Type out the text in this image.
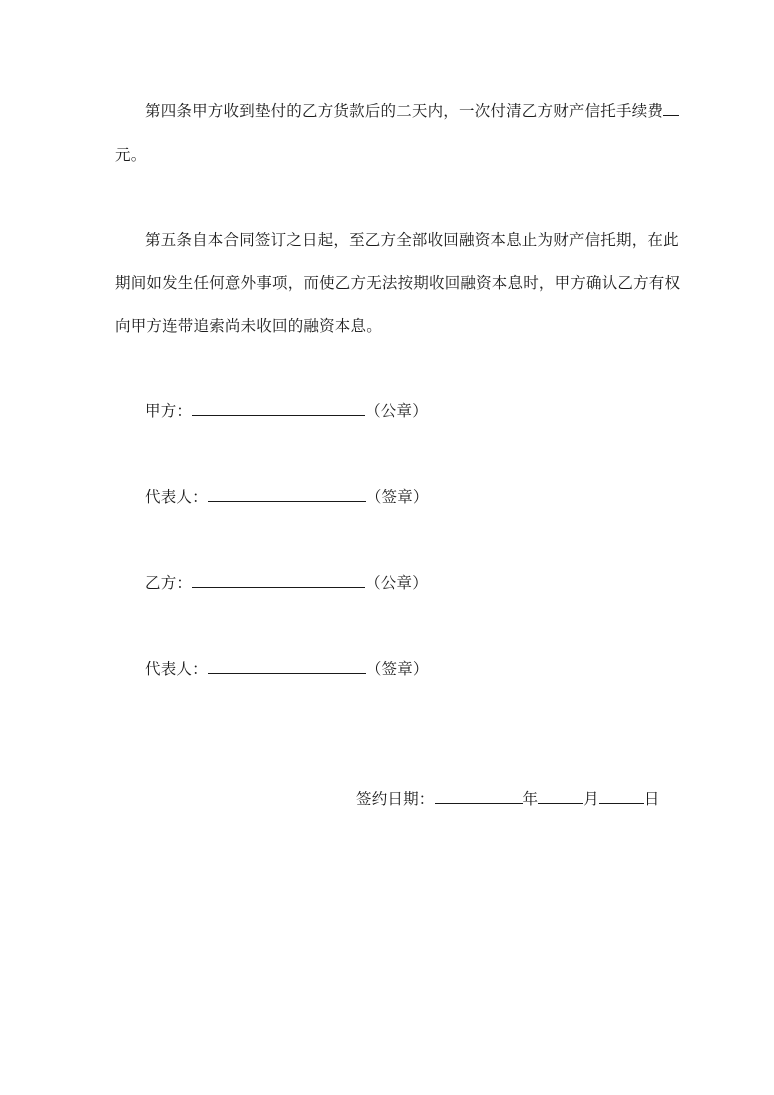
第四条甲方收到垫付的乙方货款后的二天内，一次付清乙方财产信托手续费
元。
第五条自本合同签订之日起，至乙方全部收回融资本息止为财产信托期，在此
期间如发生任何意外事项，而使乙方无法按期收回融资本息时，甲方确认乙方有权
向甲方连带追索尚未收回的融资本息。
甲方：	（公章）
代表人：	（签章）
乙方：	（公章）
代表人：	（签章）
签约日期：	年	月	日
